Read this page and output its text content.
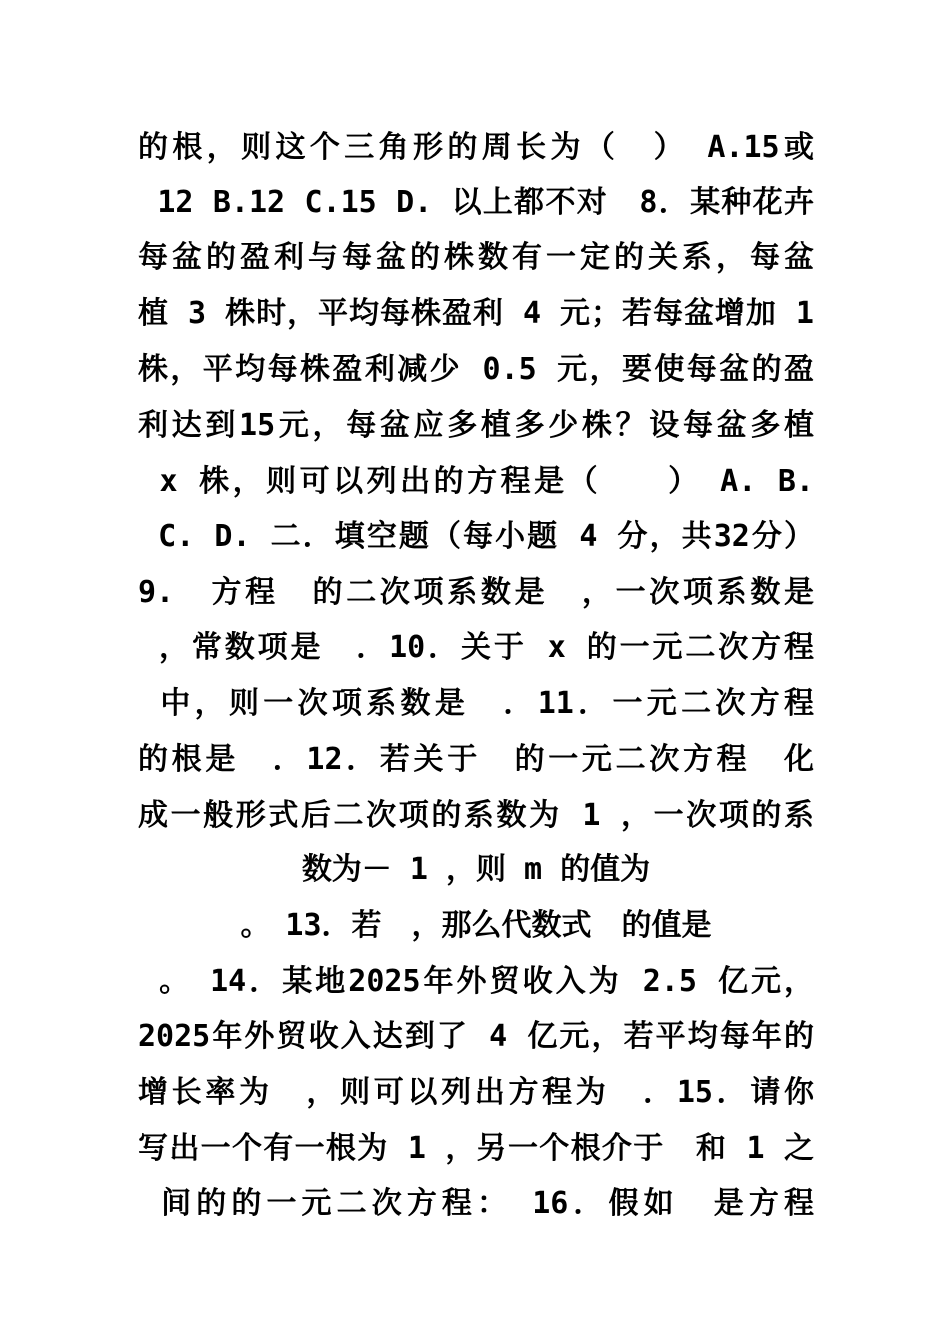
的根，则这个三角形的周长为（　）　A.15或
12 B.12 C.15 D. 以上都不对　8．某种花卉
每盆的盈利与每盆的株数有一定的关系，每盆
植 3 株时，平均每株盈利 4 元；若每盆增加 1
株，平均每株盈利减少 0.5 元，要使每盆的盈
利达到15元，每盆应多植多少株？设每盆多植
x 株，则可以列出的方程是（　　）　A. B.
C. D. 二．填空题（每小题 4 分，共32分）
9.　方程　的二次项系数是　，一次项系数是
，常数项是　．10．关于 x 的一元二次方程
中，则一次项系数是　．11．一元二次方程
的根是　．12．若关于　的一元二次方程　化
成一般形式后二次项的系数为 1 ，一次项的系
数为－ 1 ，则 m 的值为
。　13．若　，那么代数式　的值是
。　14．某地2025年外贸收入为 2.5 亿元，
2025年外贸收入达到了 4 亿元，若平均每年的
增长率为　，则可以列出方程为　．15．请你
写出一个有一根为 1 ，另一个根介于　和 1 之
间的的一元二次方程：　16．假如　是方程
